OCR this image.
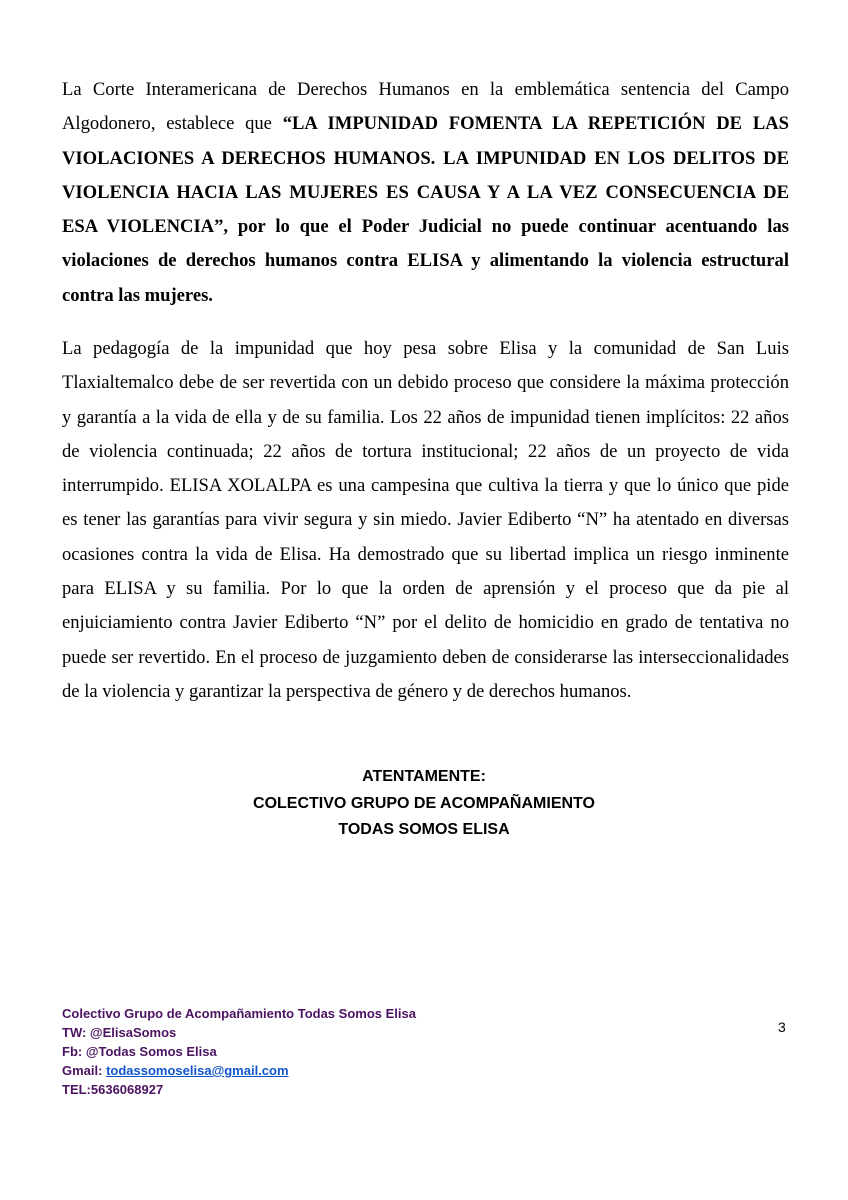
La Corte Interamericana de Derechos Humanos en la emblemática sentencia del Campo Algodonero, establece que “LA IMPUNIDAD FOMENTA LA REPETICIÓN DE LAS VIOLACIONES A DERECHOS HUMANOS. LA IMPUNIDAD EN LOS DELITOS DE VIOLENCIA HACIA LAS MUJERES ES CAUSA Y A LA VEZ CONSECUENCIA DE ESA VIOLENCIA”, por lo que el Poder Judicial no puede continuar acentuando las violaciones de derechos humanos contra ELISA y alimentando la violencia estructural contra las mujeres.

La pedagogía de la impunidad que hoy pesa sobre Elisa y la comunidad de San Luis Tlaxialtemalco debe de ser revertida con un debido proceso que considere la máxima protección y garantía a la vida de ella y de su familia. Los 22 años de impunidad tienen implícitos: 22 años de violencia continuada; 22 años de tortura institucional; 22 años de un proyecto de vida interrumpido. ELISA XOLALPA es una campesina que cultiva la tierra y que lo único que pide es tener las garantías para vivir segura y sin miedo. Javier Ediberto “N” ha atentado en diversas ocasiones contra la vida de Elisa. Ha demostrado que su libertad implica un riesgo inminente para ELISA y su familia. Por lo que la orden de aprensión y el proceso que da pie al enjuiciamiento contra Javier Ediberto “N” por el delito de homicidio en grado de tentativa no puede ser revertido. En el proceso de juzgamiento deben de considerarse las interseccionalidades de la violencia y garantizar la perspectiva de género y de derechos humanos.

ATENTAMENTE:
COLECTIVO GRUPO DE ACOMPAÑAMIENTO
TODAS SOMOS ELISA
Colectivo Grupo de Acompañamiento Todas Somos Elisa
TW: @ElisaSomos
Fb: @Todas Somos Elisa
Gmail: todassomoselisa@gmail.com
TEL:5636068927
3
